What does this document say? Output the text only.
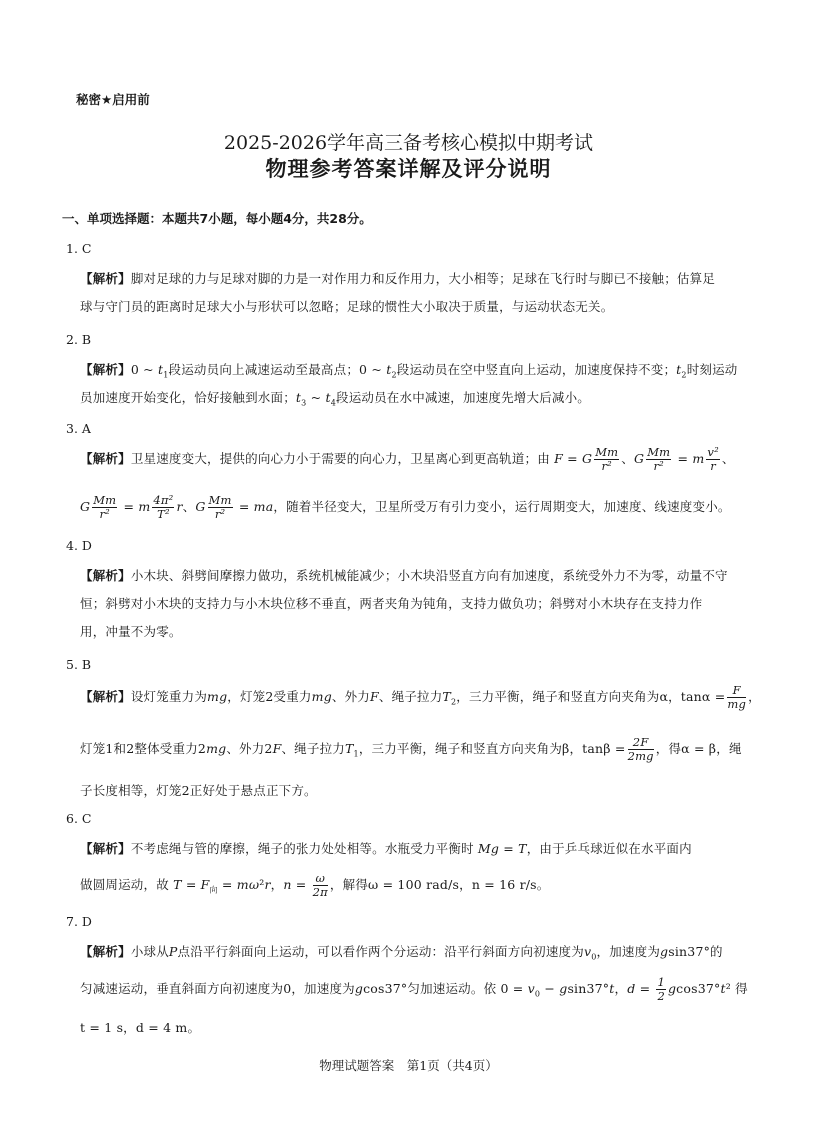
秘密★启用前
2025-2026学年高三备考核心模拟中期考试
物理参考答案详解及评分说明
一、单项选择题：本题共7小题，每小题4分，共28分。
1. C
【解析】脚对足球的力与足球对脚的力是一对作用力和反作用力，大小相等；足球在飞行时与脚已不接触；估算足
球与守门员的距离时足球大小与形状可以忽略；足球的惯性大小取决于质量，与运动状态无关。
2. B
【解析】0 ~ $t_1$段运动员向上减速运动至最高点；0 ~ $t_2$段运动员在空中竖直向上运动，加速度保持不变；$t_2$时刻运动
员加速度开始变化，恰好接触到水面；$t_3$ ~ $t_4$段运动员在水中减速，加速度先增大后减小。
3. A
【解析】卫星速度变大，提供的向心力小于需要的向心力，卫星离心到更高轨道；由 F = G $\frac{Mm}{\text{r²}}$ 、G $\frac{Mm}{\text{r²}} = m \frac{\text{v²}}{r}$ 、
G $\frac{Mm}{\text{r²}} = m \frac{\text{4π²}}{\text{T²}}$ r、G $\frac{Mm}{\text{r²}}$ = ma，随着半径变大，卫星所受万有引力变小，运行周期变大，加速度、线速度变小。
4. D
【解析】小木块、斜劈间摩擦力做功，系统机械能减少；小木块沿竖直方向有加速度，系统受外力不为零，动量不守
恒；斜劈对小木块的支持力与小木块位移不垂直，两者夹角为钝角，支持力做负功；斜劈对小木块存在支持力作
用，冲量不为零。
5. B
【解析】设灯笼重力为mg，灯笼2受重力mg、外力F、绳子拉力$T_2$，三力平衡，绳子和竖直方向夹角为α，$\tan\alpha = \frac{F}{mg}$ ，
灯笼1和2整体受重力2mg、外力2F、绳子拉力$T_1$，三力平衡，绳子和竖直方向夹角为β，$\tan\beta = \frac{2F}{2mg}$ ，得α = β，绳
子长度相等，灯笼2正好处于悬点正下方。
6. C
【解析】不考虑绳与管的摩擦，绳子的张力处处相等。水瓶受力平衡时 Mg = T，由于乒乓球近似在水平面内
做圆周运动，故 $T = F_向 = m\omega^2r$，$n = \frac{\omega}{2\pi}$ ，解得ω = 100 rad/s，n = 16 r/s。
7. D
【解析】小球从P点沿平行斜面向上运动，可以看作两个分运动：沿平行斜面方向初速度为$v_0$，加速度为gsin37°的
匀减速运动，垂直斜面方向初速度为0，加速度为gcos37°匀加速运动。依 $0 = v_0 - gsin37^\circ t$，$d = \frac{1}{2} gcos37^\circ t^2$ 得
t = 1 s，d = 4 m。
物理试题答案　第1页（共4页）
